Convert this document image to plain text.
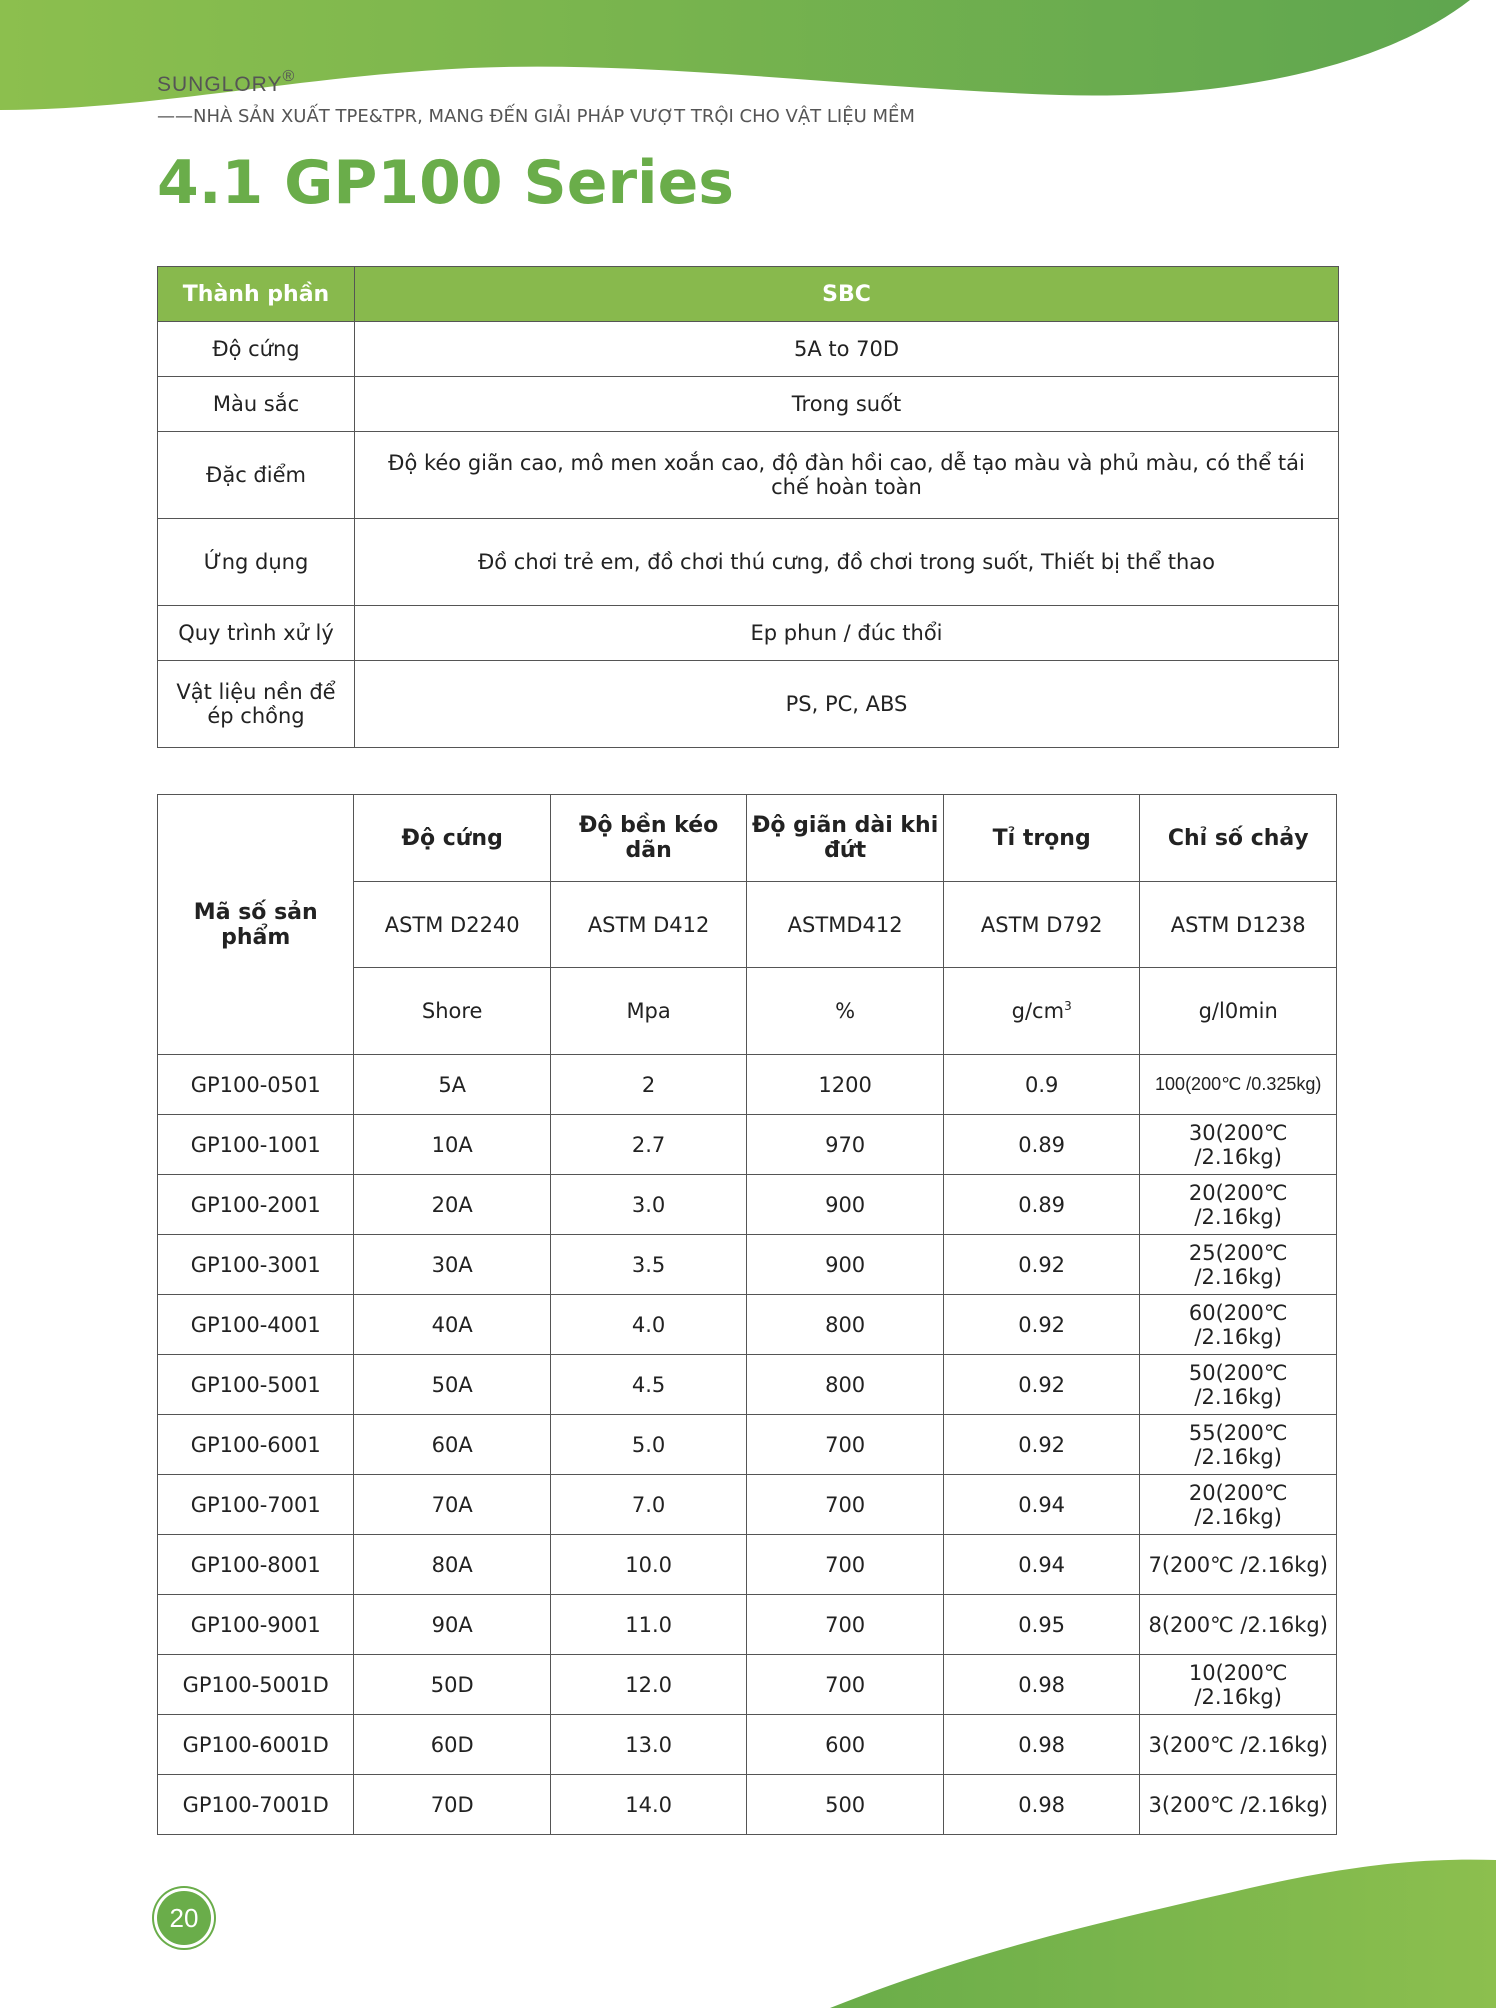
SUNGLORY®
——NHÀ SẢN XUẤT TPE&TPR, MANG ĐẾN GIẢI PHÁP VƯỢT TRỘI CHO VẬT LIỆU MỀM
4.1 GP100 Series
Thành phần	SBC
Độ cứng	5A to 70D
Màu sắc	Trong suốt
Đặc điểm	Độ kéo giãn cao, mô men xoắn cao, độ đàn hồi cao, dễ tạo màu và phủ màu, có thể tái chế hoàn toàn
Ứng dụng	Đồ chơi trẻ em, đồ chơi thú cưng, đồ chơi trong suốt, Thiết bị thể thao
Quy trình xử lý	Ep phun / đúc thổi
Vật liệu nền để ép chồng	PS, PC, ABS
Mã số sản phẩm	Độ cứng	Độ bền kéo dãn	Độ giãn dài khi đứt	Tỉ trọng	Chỉ số chảy
	ASTM D2240	ASTM D412	ASTMD412	ASTM D792	ASTM D1238
	Shore	Mpa	%	$g/cm^3$	g/l0min
GP100-0501	5A	2	1200	0.9	100(200℃ /0.325kg)
GP100-1001	10A	2.7	970	0.89	30(200℃ /2.16kg)
GP100-2001	20A	3.0	900	0.89	20(200℃ /2.16kg)
GP100-3001	30A	3.5	900	0.92	25(200℃ /2.16kg)
GP100-4001	40A	4.0	800	0.92	60(200℃ /2.16kg)
GP100-5001	50A	4.5	800	0.92	50(200℃ /2.16kg)
GP100-6001	60A	5.0	700	0.92	55(200℃ /2.16kg)
GP100-7001	70A	7.0	700	0.94	20(200℃ /2.16kg)
GP100-8001	80A	10.0	700	0.94	7(200℃ /2.16kg)
GP100-9001	90A	11.0	700	0.95	8(200℃ /2.16kg)
GP100-5001D	50D	12.0	700	0.98	10(200℃ /2.16kg)
GP100-6001D	60D	13.0	600	0.98	3(200℃ /2.16kg)
GP100-7001D	70D	14.0	500	0.98	3(200℃ /2.16kg)
20
